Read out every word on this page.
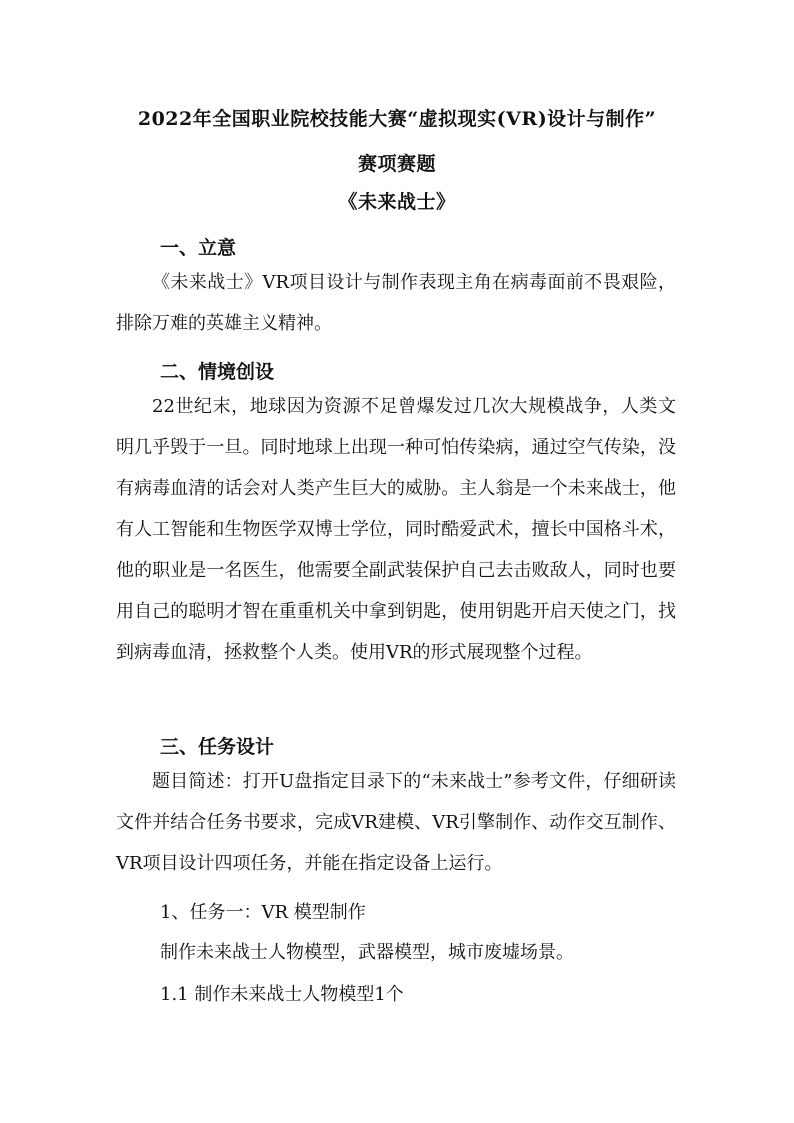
2022年全国职业院校技能大赛“虚拟现实(VR)设计与制作”
赛项赛题
《未来战士》
一、立意
《未来战士》VR项目设计与制作表现主角在病毒面前不畏艰险，排除万难的英雄主义精神。
二、情境创设
22世纪末，地球因为资源不足曾爆发过几次大规模战争，人类文明几乎毁于一旦。同时地球上出现一种可怕传染病，通过空气传染，没有病毒血清的话会对人类产生巨大的威胁。主人翁是一个未来战士，他有人工智能和生物医学双博士学位，同时酷爱武术，擅长中国格斗术，他的职业是一名医生，他需要全副武装保护自己去击败敌人，同时也要用自己的聪明才智在重重机关中拿到钥匙，使用钥匙开启天使之门，找到病毒血清，拯救整个人类。使用VR的形式展现整个过程。
三、任务设计
题目简述：打开U盘指定目录下的“未来战士”参考文件，仔细研读文件并结合任务书要求，完成VR建模、VR引擎制作、动作交互制作、VR项目设计四项任务，并能在指定设备上运行。
1、任务一：VR 模型制作
制作未来战士人物模型，武器模型，城市废墟场景。
1.1 制作未来战士人物模型1个
